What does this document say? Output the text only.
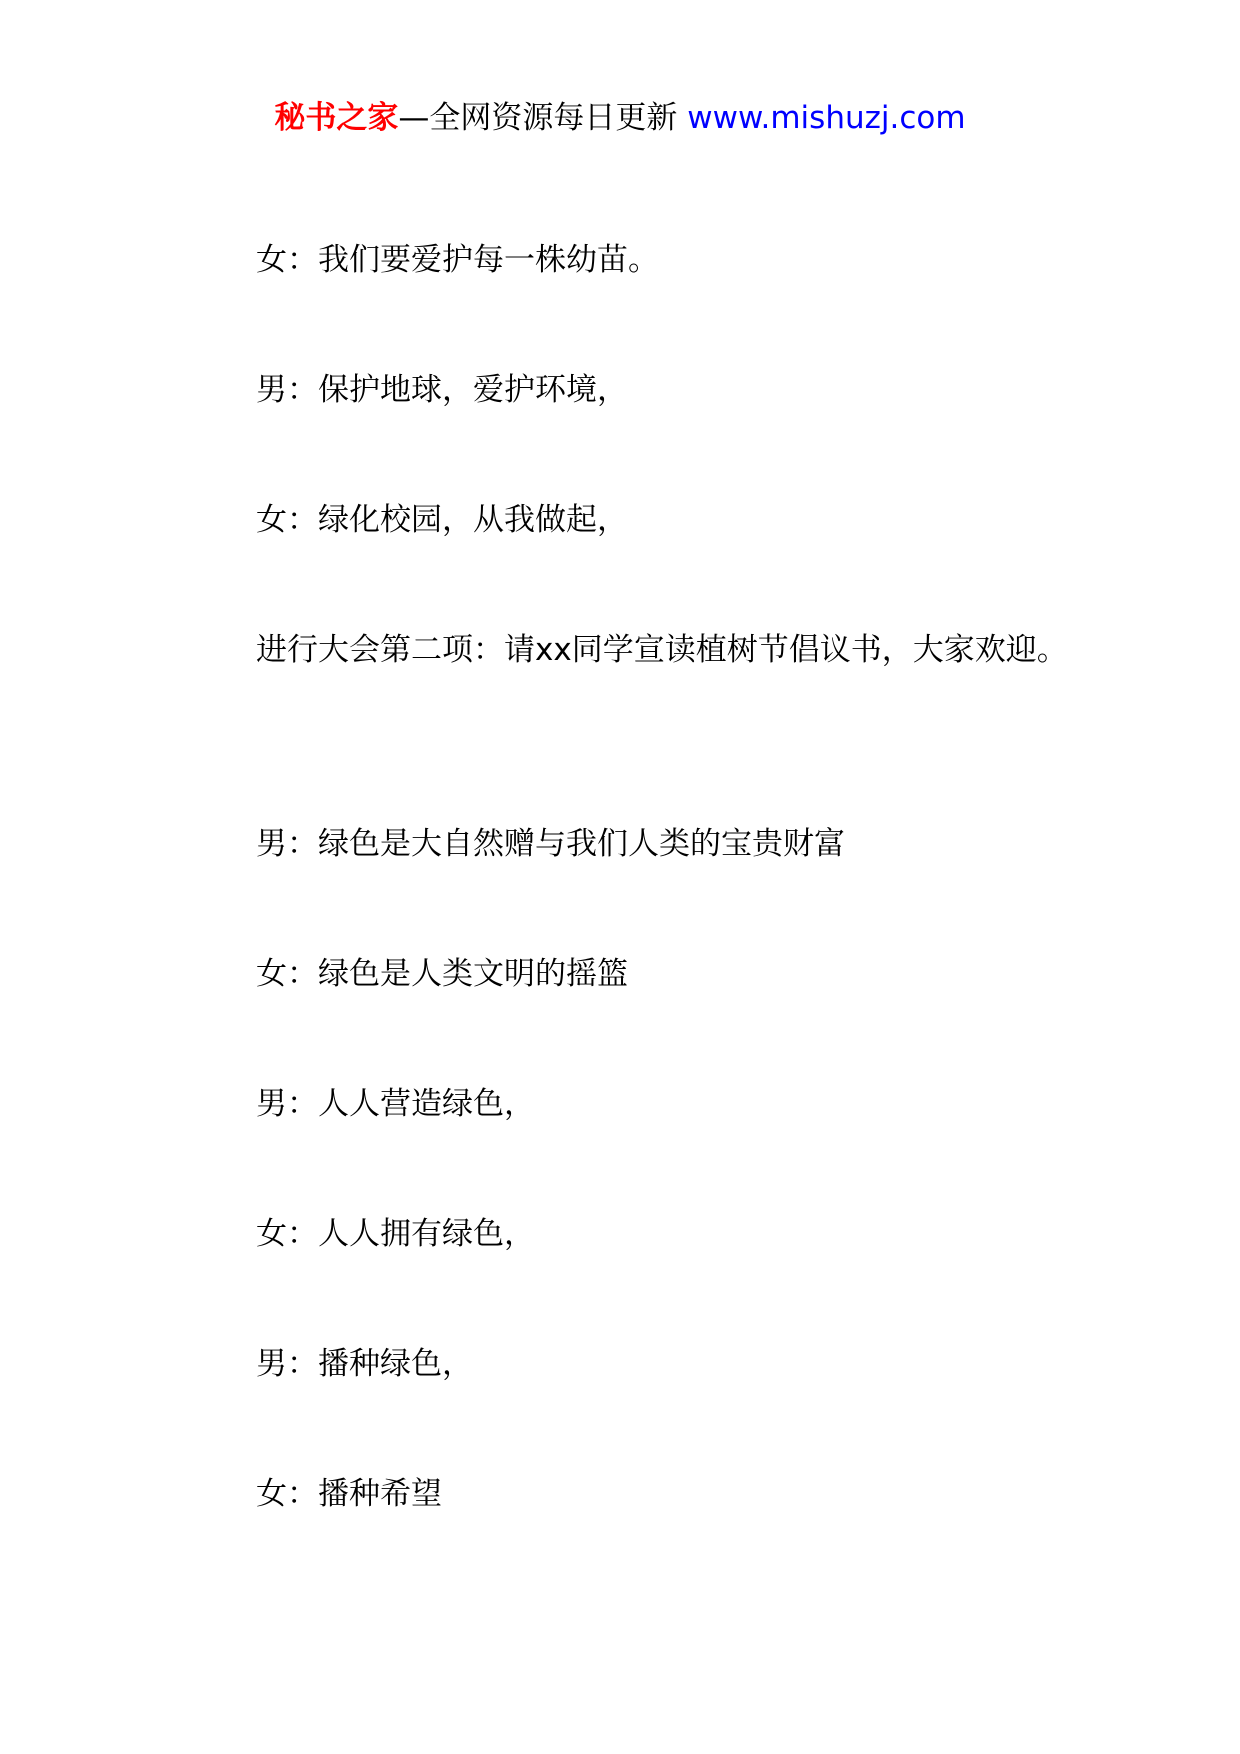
秘书之家—全网资源每日更新 www.mishuzj.com

女：我们要爱护每一株幼苗。

男：保护地球，爱护环境，

女：绿化校园，从我做起，

进行大会第二项：请xx同学宣读植树节倡议书，大家欢迎。

男：绿色是大自然赠与我们人类的宝贵财富

女：绿色是人类文明的摇篮

男：人人营造绿色，

女：人人拥有绿色，

男：播种绿色，

女：播种希望
